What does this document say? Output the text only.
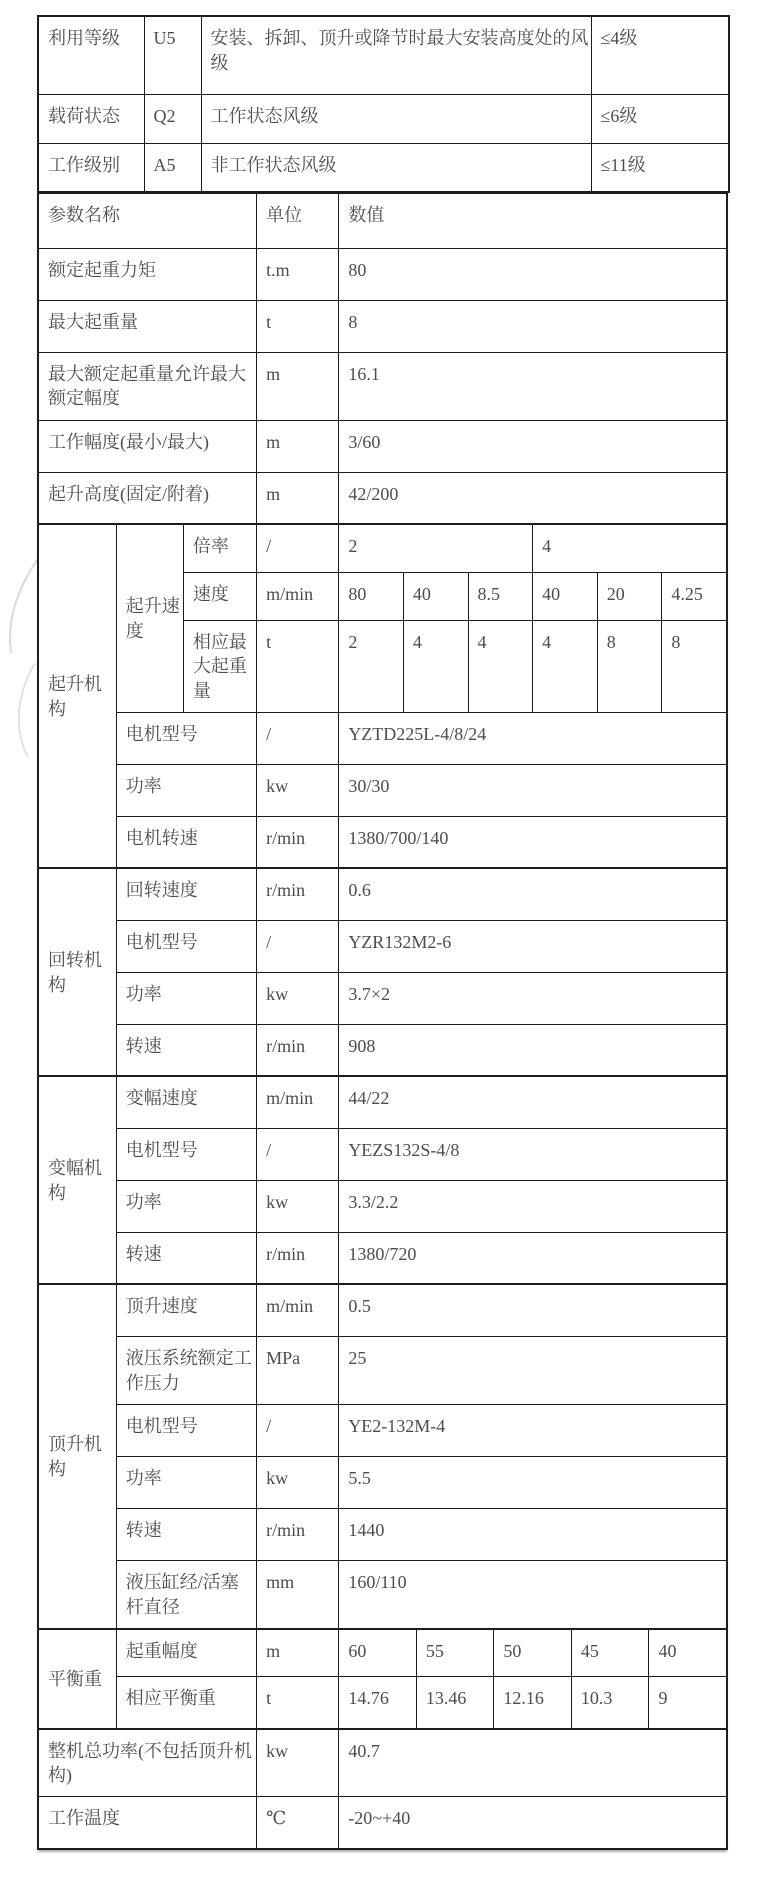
利用等级	U5	安装、拆卸、顶升或降节时最大安装高度处的风级	≤4级
载荷状态	Q2	工作状态风级	≤6级
工作级别	A5	非工作状态风级	≤11级
参数名称			单位	数值									
额定起重力矩			t.m	80									
最大起重量			t	8									
最大额定起重量允许最大额定幅度			m	16.1									
工作幅度(最小/最大)			m	3/60									
起升高度(固定/附着)			m	42/200									
起升机构	起升速度	倍率	/	2					4				
		速度	m/min	80	40		8.5		40		20		4.25
		相应最大起重量	t	2	4		4		4		8		8
	电机型号		/	YZTD225L-4/8/24									
	功率		kw	30/30									
	电机转速		r/min	1380/700/140									
回转机构	回转速度		r/min	0.6									
	电机型号		/	YZR132M2-6									
	功率		kw	3.7×2									
	转速		r/min	908									
变幅机构	变幅速度		m/min	44/22									
	电机型号		/	YEZS132S-4/8									
	功率		kw	3.3/2.2									
	转速		r/min	1380/720									
顶升机构	顶升速度		m/min	0.5									
	液压系统额定工作压力		MPa	25									
	电机型号		/	YE2-132M-4									
	功率		kw	5.5									
	转速		r/min	1440									
	液压缸经/活塞杆直径		mm	160/110									
平衡重	起重幅度		m	60		55		50		45		40	
	相应平衡重		t	14.76		13.46		12.16		10.3		9	
整机总功率(不包括顶升机构)			kw	40.7									
工作温度			℃	-20~+40									
